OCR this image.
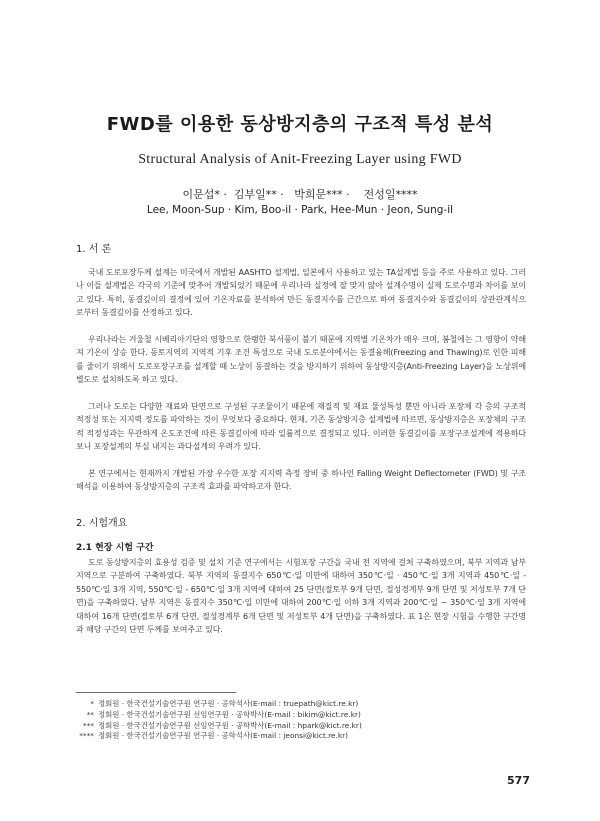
FWD를 이용한 동상방지층의 구조적 특성 분석
Structural Analysis of Anit-Freezing Layer using FWD
이문섭* ·  김부일** ·   박희문*** ·    전성일****
Lee, Moon-Sup · Kim, Boo-il · Park, Hee-Mun · Jeon, Sung-il
1. 서 론

국내 도로포장두께 설계는 미국에서 개발된 AASHTO 설계법, 일본에서 사용하고 있는 TA설계법 등을 주로 사용하고 있다. 그러나 이들 설계법은 각국의 기준에 맞추어 개발되었기 때문에 우리나라 실정에 잘 맞지 않아 설계수명이 실제 도로수명과 차이를 보이고 있다. 특히, 동결깊이의 결정에 있어 기온자료를 분석하여 만든 동결지수를 근간으로 하여 동결지수와 동결깊이의 상관관계식으로부터 동결깊이를 산정하고 있다.

우리나라는 겨울철 시베리아기단의 영향으로 한랭한 북서풍이 불기 때문에 지역별 기온차가 매우 크며, 봄철에는 그 영향이 약해져 기온이 상승 한다. 동토지역의 지역적 기후 조건 특성으로 국내 도로분야에서는 동결융해(Freezing and Thawing)로 인한 피해를 줄이기 위해서 도로포장구조를 설계할 때 노상이 동결하는 것을 방지하기 위하여 동상방지층(Anti-Freezing Layer)을 노상위에 별도로 설치하도록 하고 있다.

그러나 도로는 다양한 재료와 단면으로 구성된 구조물이기 때문에 재질적 및 재료 물성특성 뿐만 아니라 포장체 각 층의 구조적 적정성 또는 지지력 정도를 파악하는 것이 무엇보다 중요하다. 현재, 기존 동상방지층 설계법에 따르면, 동상방지층은 포장체의 구조적 적정성과는 무관하게 온도조건에 따른 동결깊이에 따라 일률적으로 결정되고 있다. 이러한 동결깊이를 포장구조설계에 적용하다 보니 포장설계의 부실 내지는 과다설계의 우려가 있다.

본 연구에서는 현재까지 개발된 가장 우수한 포장 지지력 측정 장비 중 하나인 Falling Weight Deflectometer (FWD) 및 구조해석을 이용하여 동상방지층의 구조적 효과를 파악하고자 한다.

2. 시험개요
2.1 현장 시험 구간

도로 동상방지층의 효용성 검증 및 설치 기준 연구에서는 시험포장 구간을 국내 전 지역에 걸쳐 구축하였으며, 북부 지역과 남부 지역으로 구분하여 구축하였다. 북부 지역의 동결지수 650℃·일 미만에 대하여 350℃·일 · 450℃·일 3개 지역과 450℃·일 - 550℃·일 3개 지역, 550℃·일 - 650℃·일 3개 지역에 대하여 25 단면(절토부 9개 단면, 절성경계부 9개 단면 및 저성토부 7개 단면)을 구축하였다. 남부 지역은 동결지수 350℃·일 미만에 대하여 200℃·일 이하 3개 지역과 200℃·일 ~ 350℃·일 3개 지역에 대하여 16개 단면(절토부 6개 단면, 절성경계부 6개 단면 및 저성토부 4개 단면)을 구축하였다. 표 1은 현장 시험을 수행한 구간명과 해당 구간의 단면 두께를 보여주고 있다.

* 정회원 · 한국건설기술연구원 연구원 · 공학석사(E-mail : truepath@kict.re.kr)
** 정회원 · 한국건설기술연구원 선임연구원 · 공학박사(E-mail : bikim@kict.re.kr)
*** 정회원 · 한국건설기술연구원 선임연구원 · 공학박사(E-mail : hpark@kict.re.kr)
**** 정회원 · 한국건설기술연구원 연구원 · 공학석사(E-mail : jeonsi@kict.re.kr)
577
